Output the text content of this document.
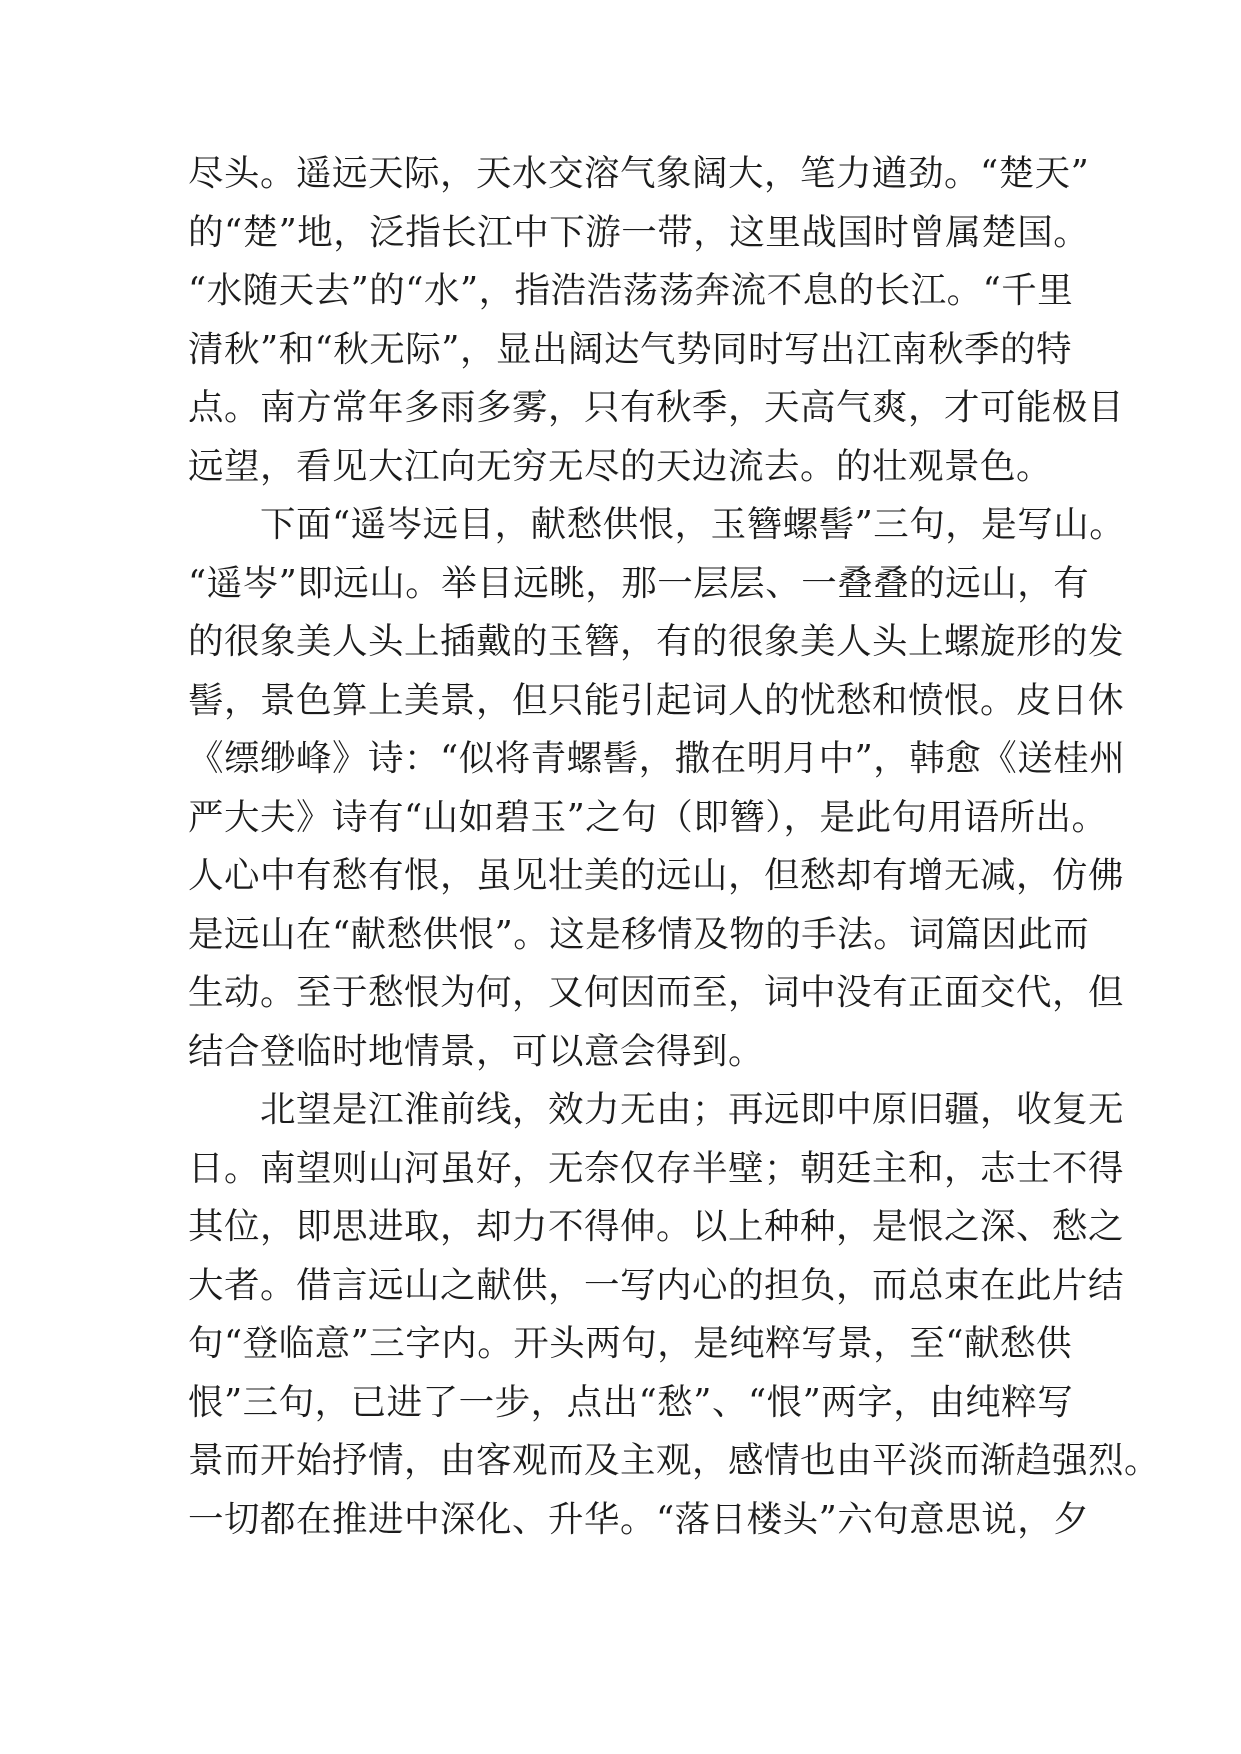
尽头。遥远天际，天水交溶气象阔大，笔力遒劲。“楚天”
的“楚”地，泛指长江中下游一带，这里战国时曾属楚国。
“水随天去”的“水”，指浩浩荡荡奔流不息的长江。“千里
清秋”和“秋无际”，显出阔达气势同时写出江南秋季的特
点。南方常年多雨多雾，只有秋季，天高气爽，才可能极目
远望，看见大江向无穷无尽的天边流去。的壮观景色。
下面“遥岑远目，献愁供恨，玉簪螺髻”三句，是写山。
“遥岑”即远山。举目远眺，那一层层、一叠叠的远山，有
的很象美人头上插戴的玉簪，有的很象美人头上螺旋形的发
髻，景色算上美景，但只能引起词人的忧愁和愤恨。皮日休
《缥缈峰》诗：“似将青螺髻，撒在明月中”，韩愈《送桂州
严大夫》诗有“山如碧玉”之句（即簪），是此句用语所出。
人心中有愁有恨，虽见壮美的远山，但愁却有增无减，仿佛
是远山在“献愁供恨”。这是移情及物的手法。词篇因此而
生动。至于愁恨为何，又何因而至，词中没有正面交代，但
结合登临时地情景，可以意会得到。
北望是江淮前线，效力无由；再远即中原旧疆，收复无
日。南望则山河虽好，无奈仅存半壁；朝廷主和，志士不得
其位，即思进取，却力不得伸。以上种种，是恨之深、愁之
大者。借言远山之献供，一写内心的担负，而总束在此片结
句“登临意”三字内。开头两句，是纯粹写景，至“献愁供
恨”三句，已进了一步，点出“愁”、“恨”两字，由纯粹写
景而开始抒情，由客观而及主观，感情也由平淡而渐趋强烈。
一切都在推进中深化、升华。“落日楼头”六句意思说，夕
